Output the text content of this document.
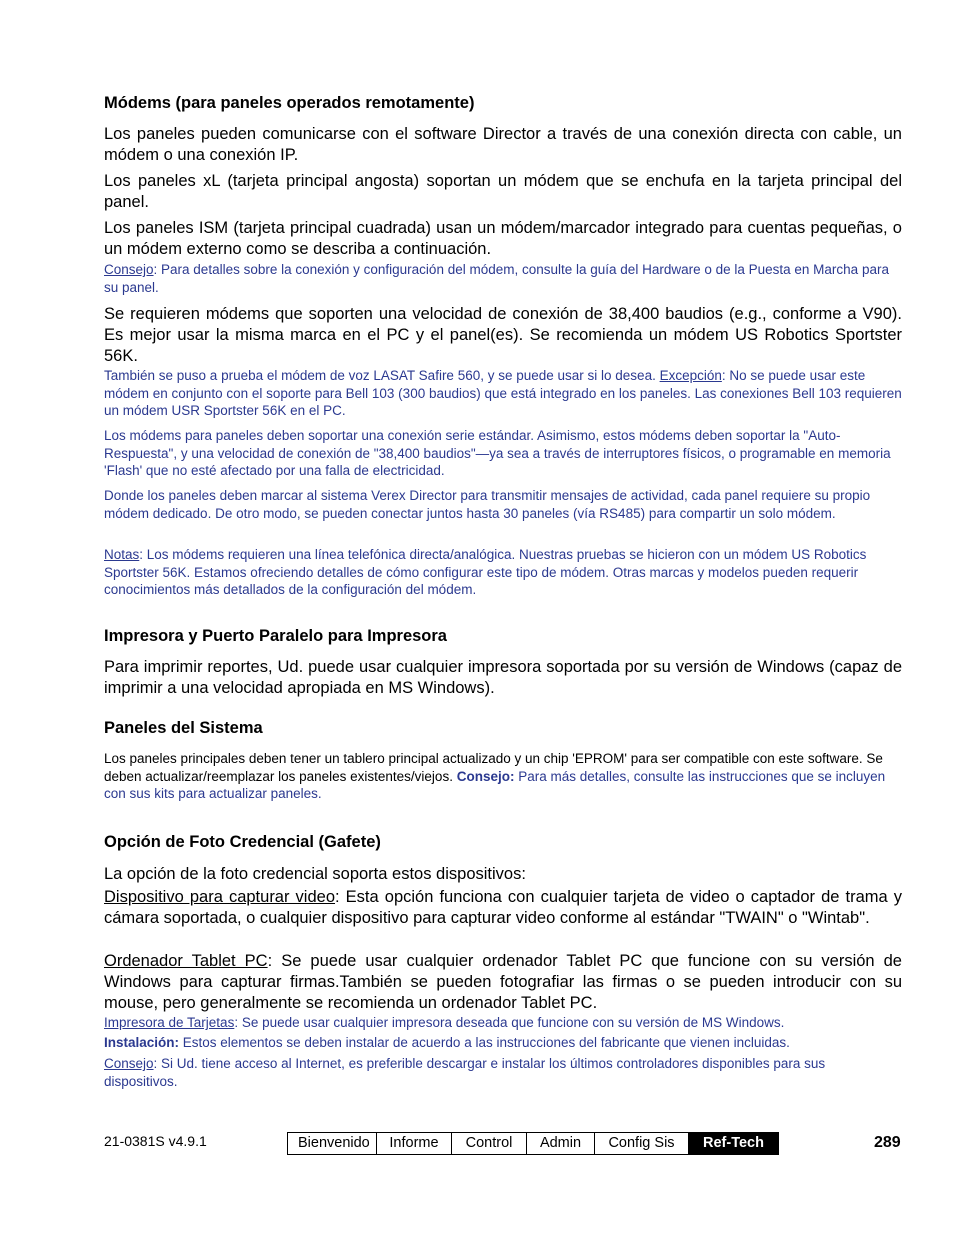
Módems (para paneles operados remotamente)

Los paneles pueden comunicarse con el software Director a través de una conexión directa con cable, un módem o una conexión IP.

Los paneles xL (tarjeta principal angosta) soportan un módem que se enchufa en la tarjeta principal del panel.

Los paneles ISM (tarjeta principal cuadrada) usan un módem/marcador integrado para cuentas pequeñas, o un módem externo como se describa a continuación.

Consejo: Para detalles sobre la conexión y configuración del módem, consulte la guía del Hardware o de la Puesta en Marcha para su panel.

Se requieren módems que soporten una velocidad de conexión de 38,400 baudios (e.g., conforme a V90). Es mejor usar la misma marca en el PC y el panel(es). Se recomienda un módem US Robotics Sportster 56K.

También se puso a prueba el módem de voz LASAT Safire 560, y se puede usar si lo desea. Excepción: No se puede usar este módem en conjunto con el soporte para Bell 103 (300 baudios) que está integrado en los paneles. Las conexiones Bell 103 requieren un módem USR Sportster 56K en el PC.

Los módems para paneles deben soportar una conexión serie estándar. Asimismo, estos módems deben soportar la "Auto-Respuesta", y una velocidad de conexión de "38,400 baudios"—ya sea a través de interruptores físicos, o programable en memoria 'Flash' que no esté afectado por una falla de electricidad.

Donde los paneles deben marcar al sistema Verex Director para transmitir mensajes de actividad, cada panel requiere su propio módem dedicado. De otro modo, se pueden conectar juntos hasta 30 paneles (vía RS485) para compartir un solo módem.

Notas: Los módems requieren una línea telefónica directa/analógica. Nuestras pruebas se hicieron con un módem US Robotics Sportster 56K. Estamos ofreciendo detalles de cómo configurar este tipo de módem. Otras marcas y modelos pueden requerir conocimientos más detallados de la configuración del módem.

Impresora y Puerto Paralelo para Impresora

Para imprimir reportes, Ud. puede usar cualquier impresora soportada por su versión de Windows (capaz de imprimir a una velocidad apropiada en MS Windows).

Paneles del Sistema

Los paneles principales deben tener un tablero principal actualizado y un chip 'EPROM' para ser compatible con este software. Se deben actualizar/reemplazar los paneles existentes/viejos. Consejo: Para más detalles, consulte las instrucciones que se incluyen con sus kits para actualizar paneles.

Opción de Foto Credencial (Gafete)

La opción de la foto credencial soporta estos dispositivos:

Dispositivo para capturar video: Esta opción funciona con cualquier tarjeta de video o captador de trama y cámara soportada, o cualquier dispositivo para capturar video conforme al estándar "TWAIN" o "Wintab".

Ordenador Tablet PC: Se puede usar cualquier ordenador Tablet PC que funcione con su versión de Windows para capturar firmas.También se pueden fotografiar las firmas o se pueden introducir con su mouse, pero generalmente se recomienda un ordenador Tablet PC.

Impresora de Tarjetas: Se puede usar cualquier impresora deseada que funcione con su versión de MS Windows.

Instalación: Estos elementos se deben instalar de acuerdo a las instrucciones del fabricante que vienen incluidas.

Consejo: Si Ud. tiene acceso al Internet, es preferible descargar e instalar los últimos controladores disponibles para sus dispositivos.

21-0381S v4.9.1	Bienvenido	Informe	Control	Admin	Config Sis	Ref-Tech	289
